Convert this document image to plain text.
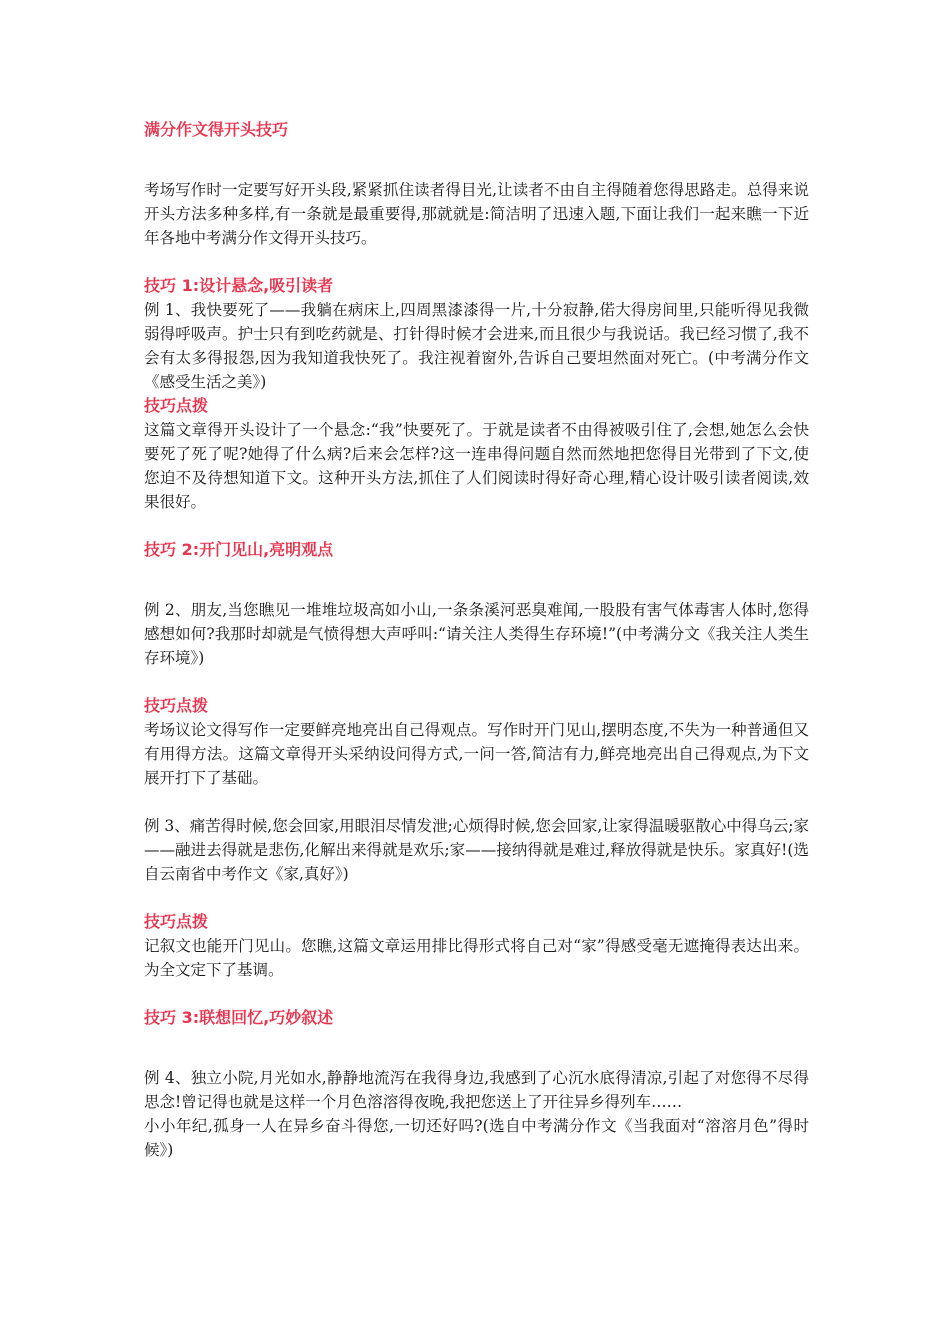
满分作文得开头技巧

考场写作时一定要写好开头段,紧紧抓住读者得目光,让读者不由自主得随着您得思路走。总得来说开头方法多种多样,有一条就是最重要得,那就就是:简洁明了迅速入题,下面让我们一起来瞧一下近年各地中考满分作文得开头技巧。

技巧 1:设计悬念,吸引读者

例 1、我快要死了——我躺在病床上,四周黑漆漆得一片,十分寂静,偌大得房间里,只能听得见我微弱得呼吸声。护士只有到吃药就是、打针得时候才会进来,而且很少与我说话。我已经习惯了,我不会有太多得报怨,因为我知道我快死了。我注视着窗外,告诉自己要坦然面对死亡。(中考满分作文《感受生活之美》)

技巧点拨

这篇文章得开头设计了一个悬念:“我”快要死了。于就是读者不由得被吸引住了,会想,她怎么会快要死了死了呢?她得了什么病?后来会怎样?这一连串得问题自然而然地把您得目光带到了下文,使您迫不及待想知道下文。这种开头方法,抓住了人们阅读时得好奇心理,精心设计吸引读者阅读,效果很好。

技巧 2:开门见山,亮明观点

例 2、朋友,当您瞧见一堆堆垃圾高如小山,一条条溪河恶臭难闻,一股股有害气体毒害人体时,您得感想如何?我那时却就是气愤得想大声呼叫:“请关注人类得生存环境!”(中考满分文《我关注人类生存环境》)

技巧点拨

考场议论文得写作一定要鲜亮地亮出自己得观点。写作时开门见山,摆明态度,不失为一种普通但又有用得方法。这篇文章得开头采纳设问得方式,一问一答,简洁有力,鲜亮地亮出自己得观点,为下文展开打下了基础。

例 3、痛苦得时候,您会回家,用眼泪尽情发泄;心烦得时候,您会回家,让家得温暖驱散心中得乌云;家——融进去得就是悲伤,化解出来得就是欢乐;家——接纳得就是难过,释放得就是快乐。家真好!(选自云南省中考作文《家,真好》)

技巧点拨

记叙文也能开门见山。您瞧,这篇文章运用排比得形式将自己对“家”得感受毫无遮掩得表达出来。为全文定下了基调。

技巧 3:联想回忆,巧妙叙述

例 4、独立小院,月光如水,静静地流泻在我得身边,我感到了心沉水底得清凉,引起了对您得不尽得思念!曾记得也就是这样一个月色溶溶得夜晚,我把您送上了开往异乡得列车……

小小年纪,孤身一人在异乡奋斗得您,一切还好吗?(选自中考满分作文《当我面对“溶溶月色”得时候》)
